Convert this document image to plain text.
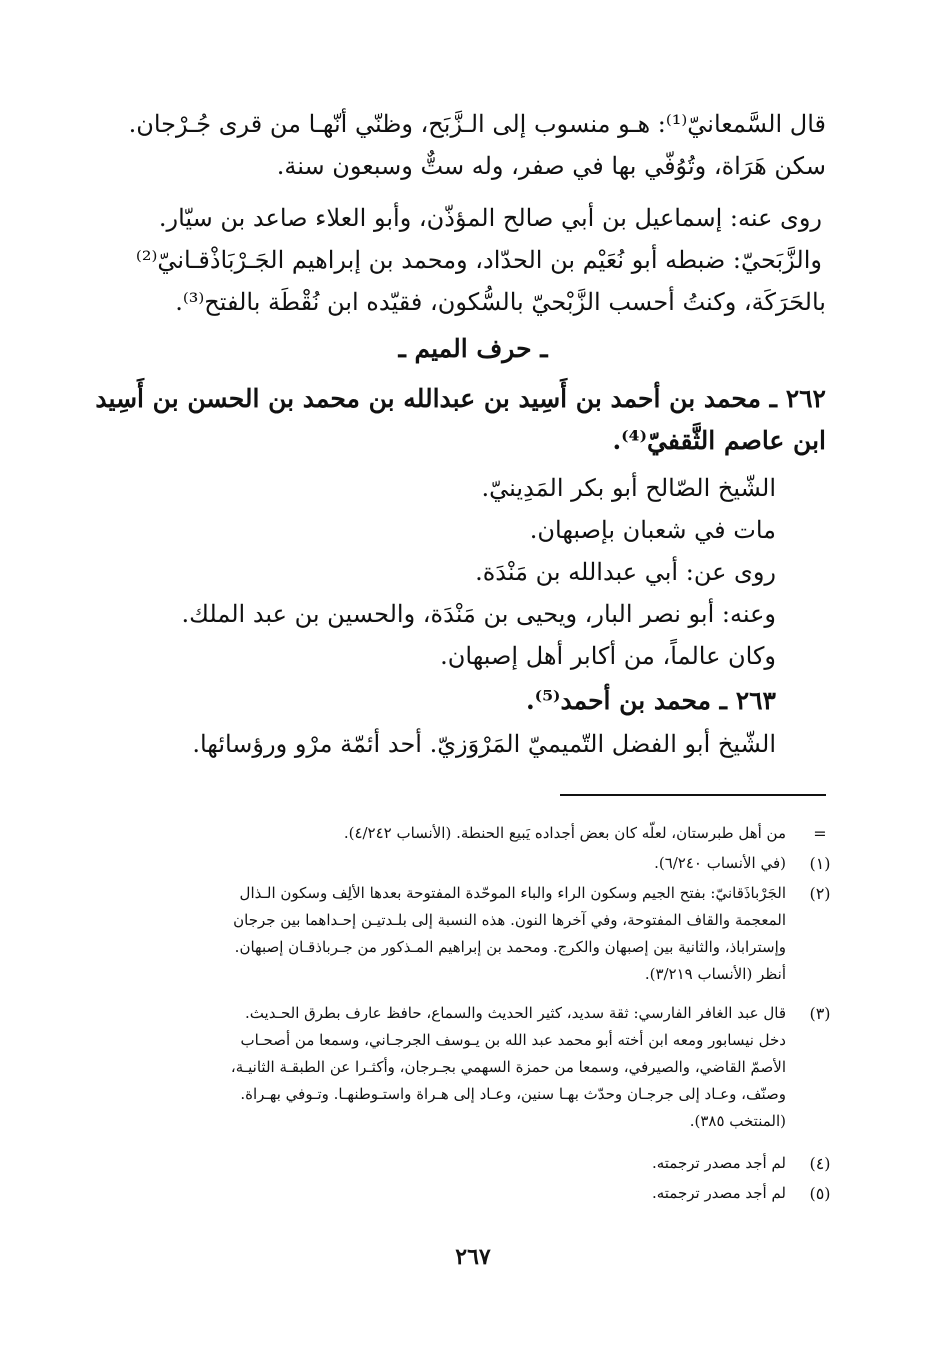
قال السَّمعانيّ⁽¹⁾: هـو منسوب إلى الـزَّبَح، وظنّي أنّهـا من قرى جُـرْجان.
سكن هَرَاة، وتُوُفّي بها في صفر، وله ستٌّ وسبعون سنة.
روى عنه: إسماعيل بن أبي صالح المؤذّن، وأبو العلاء صاعد بن سيّار.
والزَّبَحيّ: ضبطه أبو نُعَيْم بن الحدّاد، ومحمد بن إبراهيم الجَـرْبَاذْقـانيّ⁽²⁾
بالحَرَكَة، وكنتُ أحسب الزَّبْحيّ بالسُّكون، فقيّده ابن نُقْطَة بالفتح⁽³⁾.
ـ حرف الميم ـ
٢٦٢ ـ محمد بن أحمد بن أَسِيد بن عبدالله بن محمد بن الحسن بن أَسِيد
ابن عاصم الثَّقفيّ⁽⁴⁾.
الشّيخ الصّالح أبو بكر المَدِينيّ.
مات في شعبان بإصبهان.
روى عن: أبي عبدالله بن مَنْدَة.
وعنه: أبو نصر البار، ويحيى بن مَنْدَة، والحسين بن عبد الملك.
وكان عالماً، من أكابر أهل إصبهان.
٢٦٣ ـ محمد بن أحمد⁽⁵⁾.
الشّيخ أبو الفضل التّميميّ المَرْوَزيّ. أحد أئمّة مرْو ورؤسائها.
=
من أهل طبرستان، لعلّه كان بعض أجداده يَبيع الحنطة. (الأنساب ٤/٢٤٢).
(١)
(في الأنساب ٦/٢٤٠).
(٢)
الجَرْباذَقانيّ: بفتح الجيم وسكون الراء والباء الموحّدة المفتوحة بعدها الألِف وسكون الـذال
المعجمة والقاف المفتوحة، وفي آخرها النون. هذه النسبة إلى بلـدتيـن إحـداهما بين جرجان
وإستراباذ، والثانية بين إصبهان والكرج. ومحمد بن إبراهيم المـذكور من جـرباذقـان إصبهان.
أنظر (الأنساب ٣/٢١٩).
(٣)
قال عبد الغافر الفارسي: ثقة سديد، كثير الحديث والسماع، حافظ عارف بطرق الحـديث.
دخل نيسابور ومعه ابن أخته أبو محمد عبد الله بن يـوسف الجرجـاني، وسمعا من أصحـاب
الأصمّ القاضي، والصيرفي، وسمعا من حمزة السهمي بجـرجان، وأكثـرا عن الطبقـة الثانيـة،
وصنّف، وعـاد إلى جرجـان وحدّث بهـا سنين، وعـاد إلى هـراة واستـوطنهـا. وتـوفي بهـراة.
(المنتخب ٣٨٥).
(٤)
لم أجد مصدر ترجمته.
(٥)
لم أجد مصدر ترجمته.
٢٦٧
